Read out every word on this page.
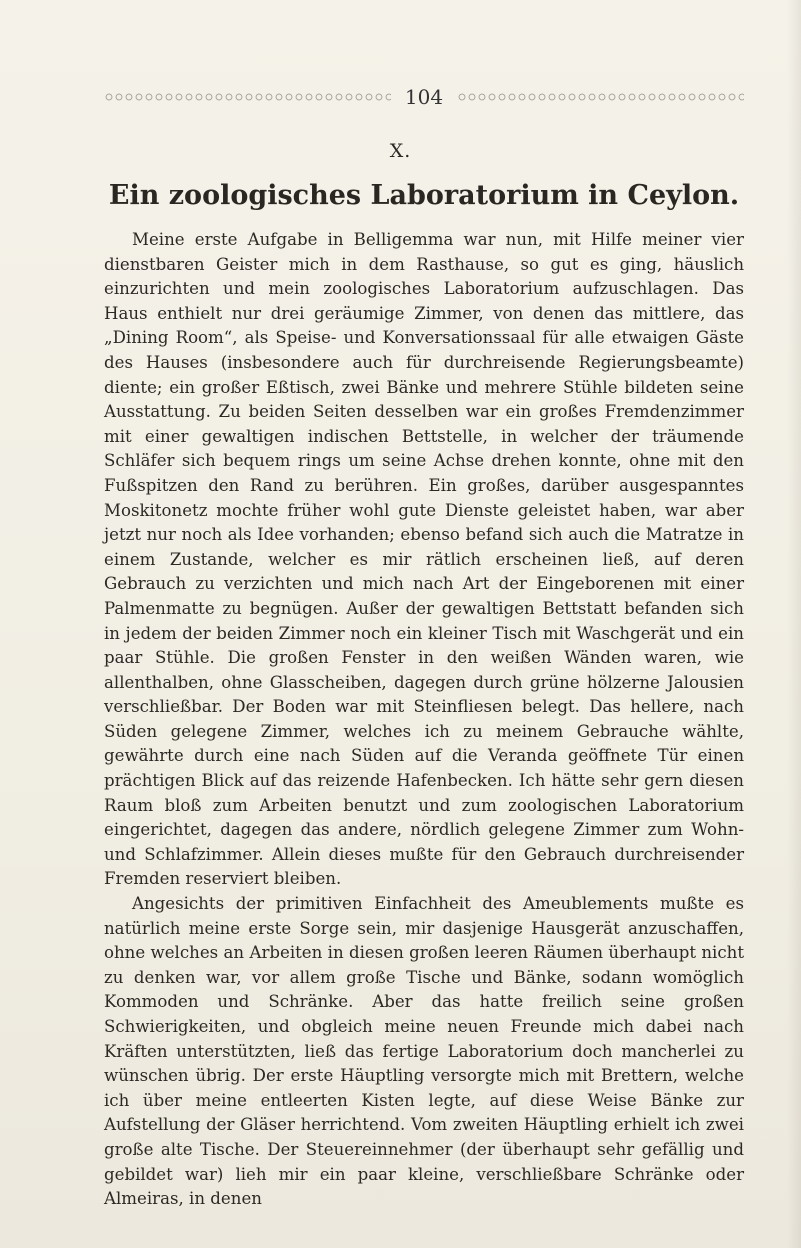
104
X.
Ein zoologisches Laboratorium in Ceylon.

Meine erste Aufgabe in Belligemma war nun, mit Hilfe meiner vier dienstbaren Geister mich in dem Rasthause, so gut es ging, häuslich einzurichten und mein zoologisches Laboratorium aufzuschlagen. Das Haus enthielt nur drei geräumige Zimmer, von denen das mittlere, das „Dining Room“, als Speise- und Konversationssaal für alle etwaigen Gäste des Hauses (insbesondere auch für durchreisende Regierungsbeamte) diente; ein großer Eßtisch, zwei Bänke und mehrere Stühle bildeten seine Ausstattung. Zu beiden Seiten desselben war ein großes Fremdenzimmer mit einer gewaltigen indischen Bettstelle, in welcher der träumende Schläfer sich bequem rings um seine Achse drehen konnte, ohne mit den Fußspitzen den Rand zu berühren. Ein großes, darüber ausgespanntes Moskitonetz mochte früher wohl gute Dienste geleistet haben, war aber jetzt nur noch als Idee vorhanden; ebenso befand sich auch die Matratze in einem Zustande, welcher es mir rätlich erscheinen ließ, auf deren Gebrauch zu verzichten und mich nach Art der Eingeborenen mit einer Palmenmatte zu begnügen. Außer der gewaltigen Bettstatt befanden sich in jedem der beiden Zimmer noch ein kleiner Tisch mit Waschgerät und ein paar Stühle. Die großen Fenster in den weißen Wänden waren, wie allenthalben, ohne Glasscheiben, dagegen durch grüne hölzerne Jalousien verschließbar. Der Boden war mit Steinfliesen belegt. Das hellere, nach Süden gelegene Zimmer, welches ich zu meinem Gebrauche wählte, gewährte durch eine nach Süden auf die Veranda geöffnete Tür einen prächtigen Blick auf das reizende Hafenbecken. Ich hätte sehr gern diesen Raum bloß zum Arbeiten benutzt und zum zoologischen Laboratorium eingerichtet, dagegen das andere, nördlich gelegene Zimmer zum Wohn- und Schlafzimmer. Allein dieses mußte für den Gebrauch durchreisender Fremden reserviert bleiben.

Angesichts der primitiven Einfachheit des Ameublements mußte es natürlich meine erste Sorge sein, mir dasjenige Hausgerät anzuschaffen, ohne welches an Arbeiten in diesen großen leeren Räumen überhaupt nicht zu denken war, vor allem große Tische und Bänke, sodann womöglich Kommoden und Schränke. Aber das hatte freilich seine großen Schwierigkeiten, und obgleich meine neuen Freunde mich dabei nach Kräften unterstützten, ließ das fertige Laboratorium doch mancherlei zu wünschen übrig. Der erste Häuptling versorgte mich mit Brettern, welche ich über meine entleerten Kisten legte, auf diese Weise Bänke zur Aufstellung der Gläser herrichtend. Vom zweiten Häuptling erhielt ich zwei große alte Tische. Der Steuereinnehmer (der überhaupt sehr gefällig und gebildet war) lieh mir ein paar kleine, verschließbare Schränke oder Almeiras, in denen
